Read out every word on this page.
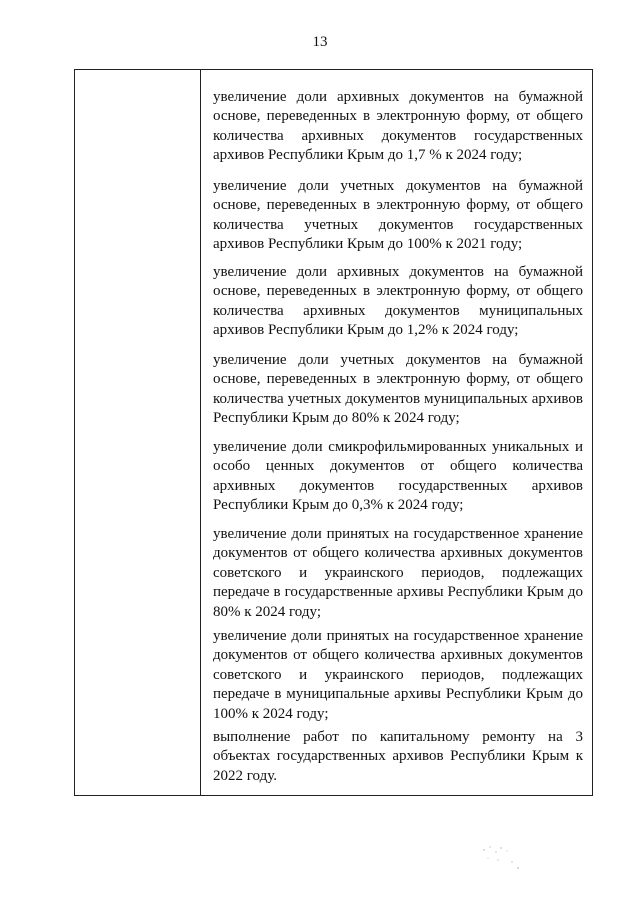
13

увеличение доли архивных документов на бумажной основе, переведенных в электронную форму, от общего количества архивных документов государственных архивов Республики Крым до 1,7 % к 2024 году;

увеличение доли учетных документов на бумажной основе, переведенных в электронную форму, от общего количества учетных документов государственных архивов Республики Крым до 100% к 2021 году;

увеличение доли архивных документов на бумажной основе, переведенных в электронную форму, от общего количества архивных документов муниципальных архивов Республики Крым до 1,2% к 2024 году;

увеличение доли учетных документов на бумажной основе, переведенных в электронную форму, от общего количества учетных документов муниципальных архивов Республики Крым до 80% к 2024 году;

увеличение доли смикрофильмированных уникальных и особо ценных документов от общего количества архивных документов государственных архивов Республики Крым до 0,3% к 2024 году;

увеличение доли принятых на государственное хранение документов от общего количества архивных документов советского и украинского периодов, подлежащих передаче в государственные архивы Республики Крым до 80% к 2024 году;

увеличение доли принятых на государственное хранение документов от общего количества архивных документов советского и украинского периодов, подлежащих передаче в муниципальные архивы Республики Крым до 100% к 2024 году;

выполнение работ по капитальному ремонту на 3 объектах государственных архивов Республики Крым к 2022 году.
